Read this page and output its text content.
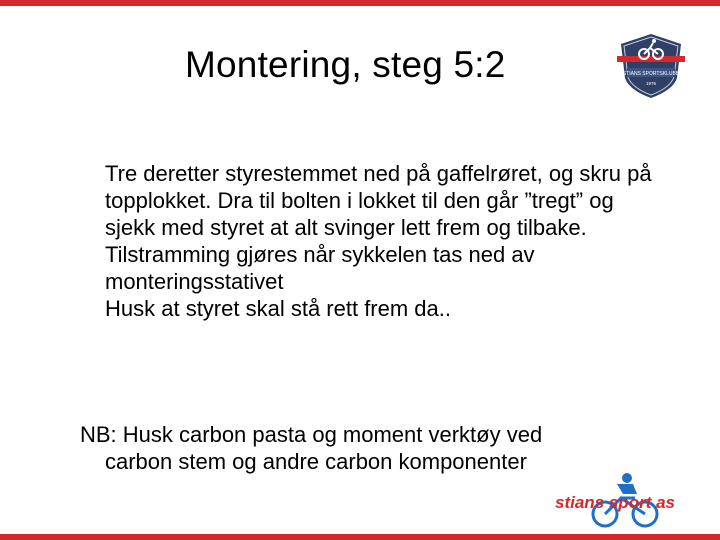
Montering, steg 5:2	STIANS SPORTSKLUBB
1976

Tre deretter styrestemmet ned på gaffelrøret, og skru på topplokket. Dra til bolten i lokket til den går ”tregt” og sjekk med styret at alt svinger lett frem og tilbake.

Tilstramming gjøres når sykkelen tas ned av monteringsstativet

Husk at styret skal stå rett frem da..

NB: Husk carbon pasta og moment verktøy ved
carbon stem og andre carbon komponenter
stians sport as
